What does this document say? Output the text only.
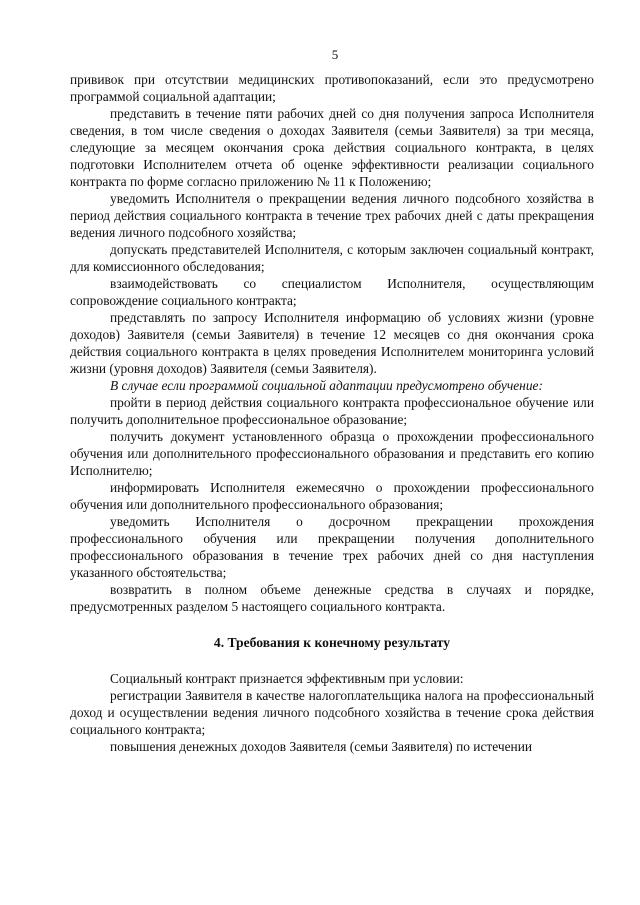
5

прививок при отсутствии медицинских противопоказаний, если это предусмотрено программой социальной адаптации;

представить в течение пяти рабочих дней со дня получения запроса Исполнителя сведения, в том числе сведения о доходах Заявителя (семьи Заявителя) за три месяца, следующие за месяцем окончания срока действия социального контракта, в целях подготовки Исполнителем отчета об оценке эффективности реализации социального контракта по форме согласно приложению № 11 к Положению;

уведомить Исполнителя о прекращении ведения личного подсобного хозяйства в период действия социального контракта в течение трех рабочих дней с даты прекращения ведения личного подсобного хозяйства;

допускать представителей Исполнителя, с которым заключен социальный контракт, для комиссионного обследования;

взаимодействовать со специалистом Исполнителя, осуществляющим сопровождение социального контракта;

представлять по запросу Исполнителя информацию об условиях жизни (уровне доходов) Заявителя (семьи Заявителя) в течение 12 месяцев со дня окончания срока действия социального контракта в целях проведения Исполнителем мониторинга условий жизни (уровня доходов) Заявителя (семьи Заявителя).

В случае если программой социальной адаптации предусмотрено обучение:

пройти в период действия социального контракта профессиональное обучение или получить дополнительное профессиональное образование;

получить документ установленного образца о прохождении профессионального обучения или дополнительного профессионального образования и представить его копию Исполнителю;

информировать Исполнителя ежемесячно о прохождении профессионального обучения или дополнительного профессионального образования;

уведомить Исполнителя о досрочном прекращении прохождения профессионального обучения или прекращении получения дополнительного профессионального образования в течение трех рабочих дней со дня наступления указанного обстоятельства;

возвратить в полном объеме денежные средства в случаях и порядке, предусмотренных разделом 5 настоящего социального контракта.

4. Требования к конечному результату

Социальный контракт признается эффективным при условии:

регистрации Заявителя в качестве налогоплательщика налога на профессиональный доход и осуществлении ведения личного подсобного хозяйства в течение срока действия социального контракта;

повышения денежных доходов Заявителя (семьи Заявителя) по истечении
